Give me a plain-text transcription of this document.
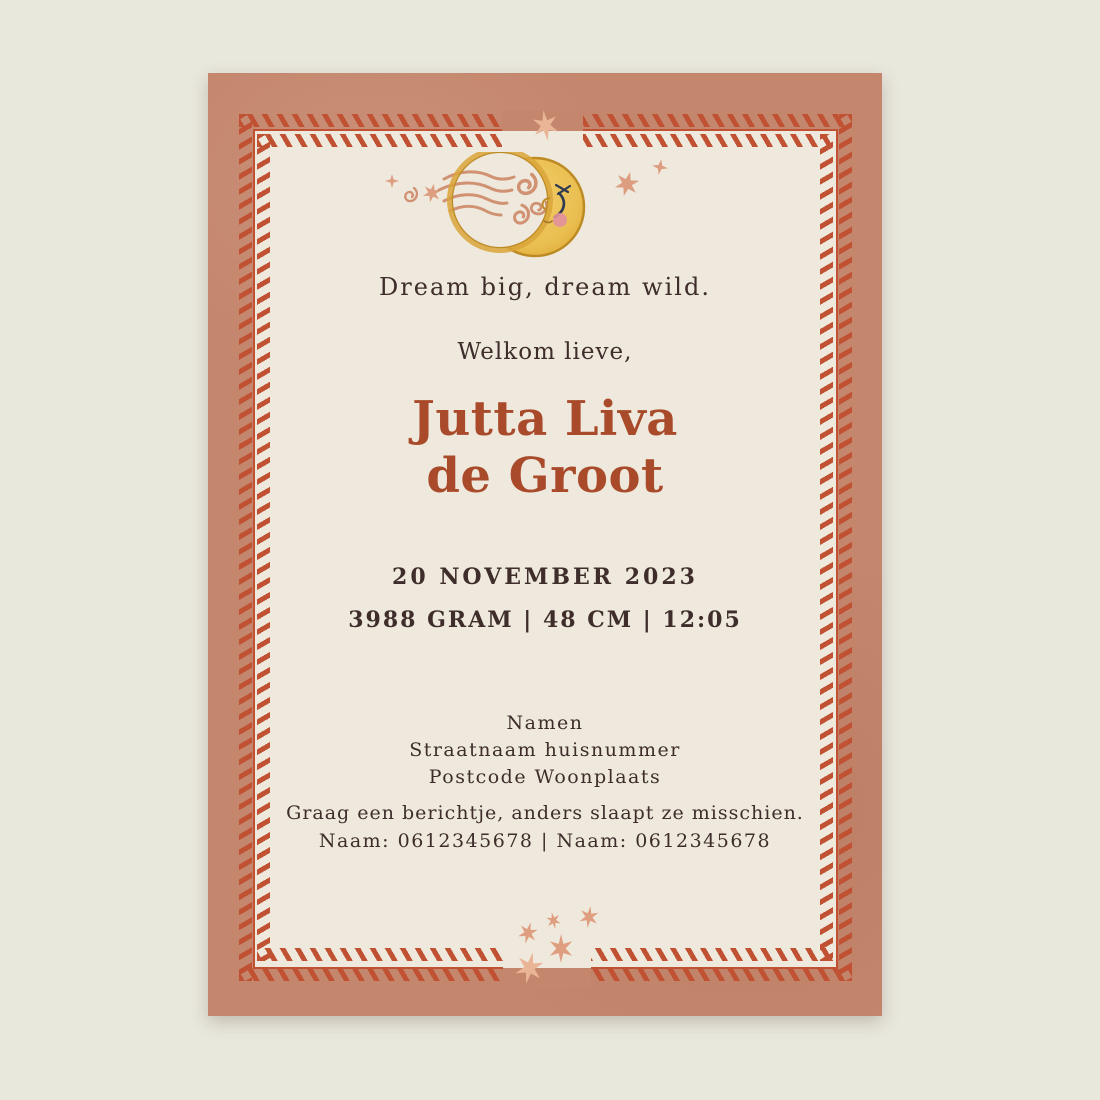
Dream big, dream wild.
Welkom lieve,
Jutta Liva
de Groot
20 NOVEMBER 2023
3988 GRAM | 48 CM | 12:05
Namen
Straatnaam huisnummer
Postcode Woonplaats
Graag een berichtje, anders slaapt ze misschien.
Naam: 0612345678 | Naam: 0612345678
